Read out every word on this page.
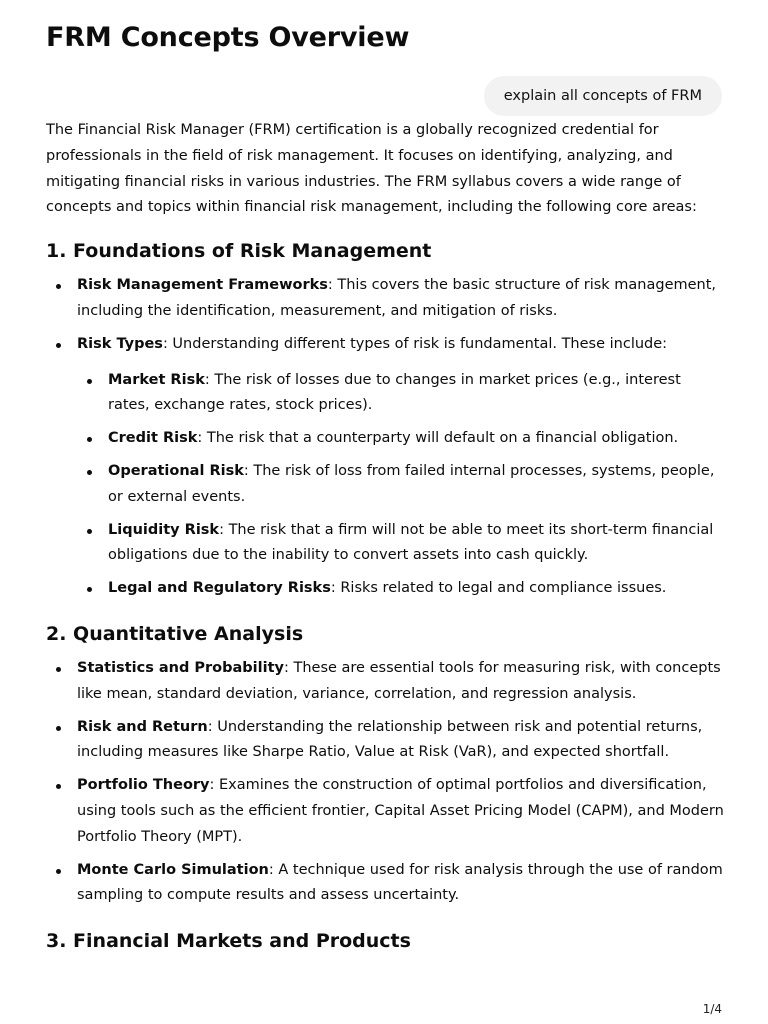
FRM Concepts Overview
explain all concepts of FRM

The Financial Risk Manager (FRM) certification is a globally recognized credential for professionals in the field of risk management. It focuses on identifying, analyzing, and mitigating financial risks in various industries. The FRM syllabus covers a wide range of concepts and topics within financial risk management, including the following core areas:

1. Foundations of Risk Management
Risk Management Frameworks: This covers the basic structure of risk management, including the identification, measurement, and mitigation of risks.
Risk Types: Understanding different types of risk is fundamental. These include:
Market Risk: The risk of losses due to changes in market prices (e.g., interest rates, exchange rates, stock prices).
Credit Risk: The risk that a counterparty will default on a financial obligation.
Operational Risk: The risk of loss from failed internal processes, systems, people, or external events.
Liquidity Risk: The risk that a firm will not be able to meet its short-term financial obligations due to the inability to convert assets into cash quickly.
Legal and Regulatory Risks: Risks related to legal and compliance issues.
2. Quantitative Analysis
Statistics and Probability: These are essential tools for measuring risk, with concepts like mean, standard deviation, variance, correlation, and regression analysis.
Risk and Return: Understanding the relationship between risk and potential returns, including measures like Sharpe Ratio, Value at Risk (VaR), and expected shortfall.
Portfolio Theory: Examines the construction of optimal portfolios and diversification, using tools such as the efficient frontier, Capital Asset Pricing Model (CAPM), and Modern Portfolio Theory (MPT).
Monte Carlo Simulation: A technique used for risk analysis through the use of random sampling to compute results and assess uncertainty.
3. Financial Markets and Products
1/4
